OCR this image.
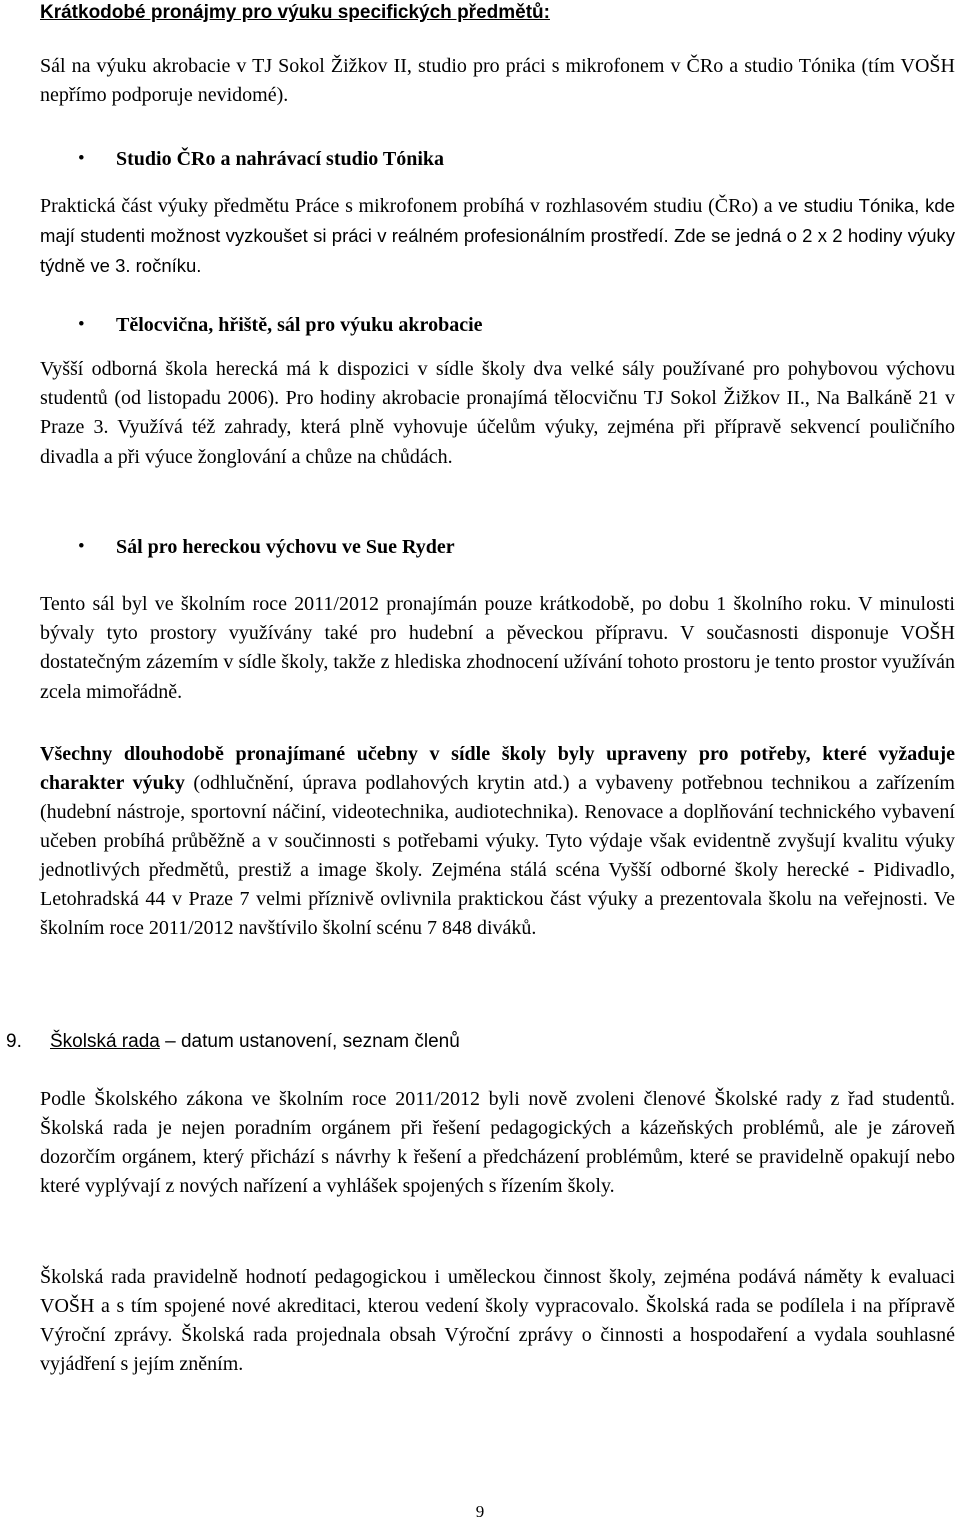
Krátkodobé pronájmy pro výuku specifických předmětů:
Sál na výuku akrobacie v TJ Sokol Žižkov II, studio pro práci s mikrofonem v ČRo a studio Tónika (tím VOŠH nepřímo podporuje nevidomé).
• Studio ČRo a nahrávací studio Tónika
Praktická část výuky předmětu Práce s mikrofonem probíhá v rozhlasovém studiu (ČRo) a ve studiu Tónika, kde mají studenti možnost vyzkoušet si práci v reálném profesionálním prostředí. Zde se jedná o 2 x 2 hodiny výuky týdně ve 3. ročníku.
• Tělocvična, hřiště, sál pro výuku akrobacie
Vyšší odborná škola herecká má k dispozici v sídle školy dva velké sály používané pro pohybovou výchovu studentů (od listopadu 2006). Pro hodiny akrobacie pronajímá tělocvičnu TJ Sokol Žižkov II., Na Balkáně 21 v Praze 3. Využívá též zahrady, která plně vyhovuje účelům výuky, zejména při přípravě sekvencí pouličního divadla a při výuce žonglování a chůze na chůdách.
• Sál pro hereckou výchovu ve Sue Ryder
Tento sál byl ve školním roce 2011/2012 pronajímán pouze krátkodobě, po dobu 1 školního roku. V minulosti bývaly tyto prostory využívány také pro hudební a pěveckou přípravu. V současnosti disponuje VOŠH dostatečným zázemím v sídle školy, takže z hlediska zhodnocení užívání tohoto prostoru je tento prostor využíván zcela mimořádně.
Všechny dlouhodobě pronajímané učebny v sídle školy byly upraveny pro potřeby, které vyžaduje charakter výuky (odhlučnění, úprava podlahových krytin atd.) a vybaveny potřebnou technikou a zařízením (hudební nástroje, sportovní náčiní, videotechnika, audiotechnika). Renovace a doplňování technického vybavení učeben probíhá průběžně a v součinnosti s potřebami výuky. Tyto výdaje však evidentně zvyšují kvalitu výuky jednotlivých předmětů, prestiž a image školy. Zejména stálá scéna Vyšší odborné školy herecké - Pidivadlo, Letohradská 44 v Praze 7 velmi příznivě ovlivnila praktickou část výuky a prezentovala školu na veřejnosti. Ve školním roce 2011/2012 navštívilo školní scénu 7 848 diváků.
9. Školská rada – datum ustanovení, seznam členů
Podle Školského zákona ve školním roce 2011/2012 byli nově zvoleni členové Školské rady z řad studentů. Školská rada je nejen poradním orgánem při řešení pedagogických a kázeňských problémů, ale je zároveň dozorčím orgánem, který přichází s návrhy k řešení a předcházení problémům, které se pravidelně opakují nebo které vyplývají z nových nařízení a vyhlášek spojených s řízením školy.
Školská rada pravidelně hodnotí pedagogickou i uměleckou činnost školy, zejména podává náměty k evaluaci VOŠH a s tím spojené nové akreditaci, kterou vedení školy vypracovalo. Školská rada se podílela i na přípravě Výroční zprávy. Školská rada projednala obsah Výroční zprávy o činnosti a hospodaření a vydala souhlasné vyjádření s jejím zněním.
9
